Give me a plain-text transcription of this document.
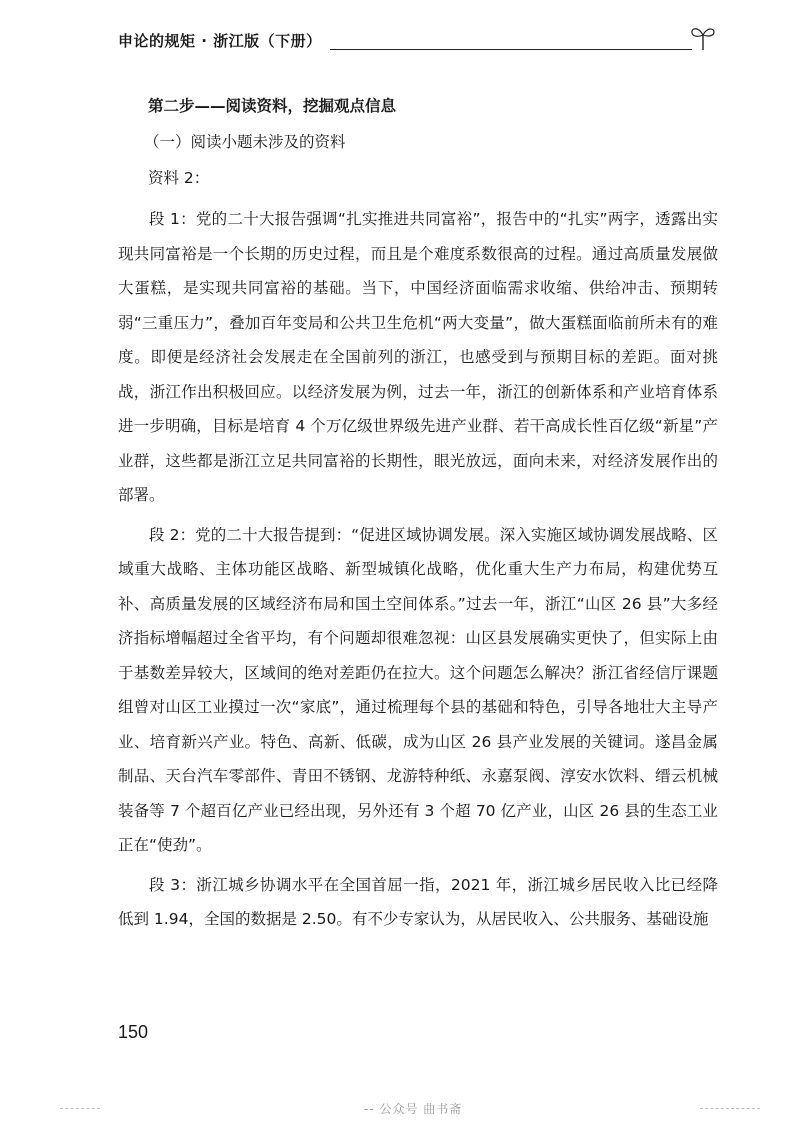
申论的规矩 · 浙江版（下册）
第二步——阅读资料，挖掘观点信息
（一）阅读小题未涉及的资料
资料 2：

段 1：党的二十大报告强调“扎实推进共同富裕”，报告中的“扎实”两字，透露出实现共同富裕是一个长期的历史过程，而且是个难度系数很高的过程。通过高质量发展做大蛋糕，是实现共同富裕的基础。当下，中国经济面临需求收缩、供给冲击、预期转弱“三重压力”，叠加百年变局和公共卫生危机“两大变量”，做大蛋糕面临前所未有的难度。即便是经济社会发展走在全国前列的浙江，也感受到与预期目标的差距。面对挑战，浙江作出积极回应。以经济发展为例，过去一年，浙江的创新体系和产业培育体系进一步明确，目标是培育 4 个万亿级世界级先进产业群、若干高成长性百亿级“新星”产业群，这些都是浙江立足共同富裕的长期性，眼光放远，面向未来，对经济发展作出的部署。

段 2：党的二十大报告提到：“促进区域协调发展。深入实施区域协调发展战略、区域重大战略、主体功能区战略、新型城镇化战略，优化重大生产力布局，构建优势互补、高质量发展的区域经济布局和国土空间体系。”过去一年，浙江“山区 26 县”大多经济指标增幅超过全省平均，有个问题却很难忽视：山区县发展确实更快了，但实际上由于基数差异较大，区域间的绝对差距仍在拉大。这个问题怎么解决？浙江省经信厅课题组曾对山区工业摸过一次“家底”，通过梳理每个县的基础和特色，引导各地壮大主导产业、培育新兴产业。特色、高新、低碳，成为山区 26 县产业发展的关键词。遂昌金属制品、天台汽车零部件、青田不锈钢、龙游特种纸、永嘉泵阀、淳安水饮料、缙云机械装备等 7 个超百亿产业已经出现，另外还有 3 个超 70 亿产业，山区 26 县的生态工业正在“使劲”。

段 3：浙江城乡协调水平在全国首屈一指，2021 年，浙江城乡居民收入比已经降低到 1.94，全国的数据是 2.50。有不少专家认为，从居民收入、公共服务、基础设施

150
-- 公众号 曲书斋
